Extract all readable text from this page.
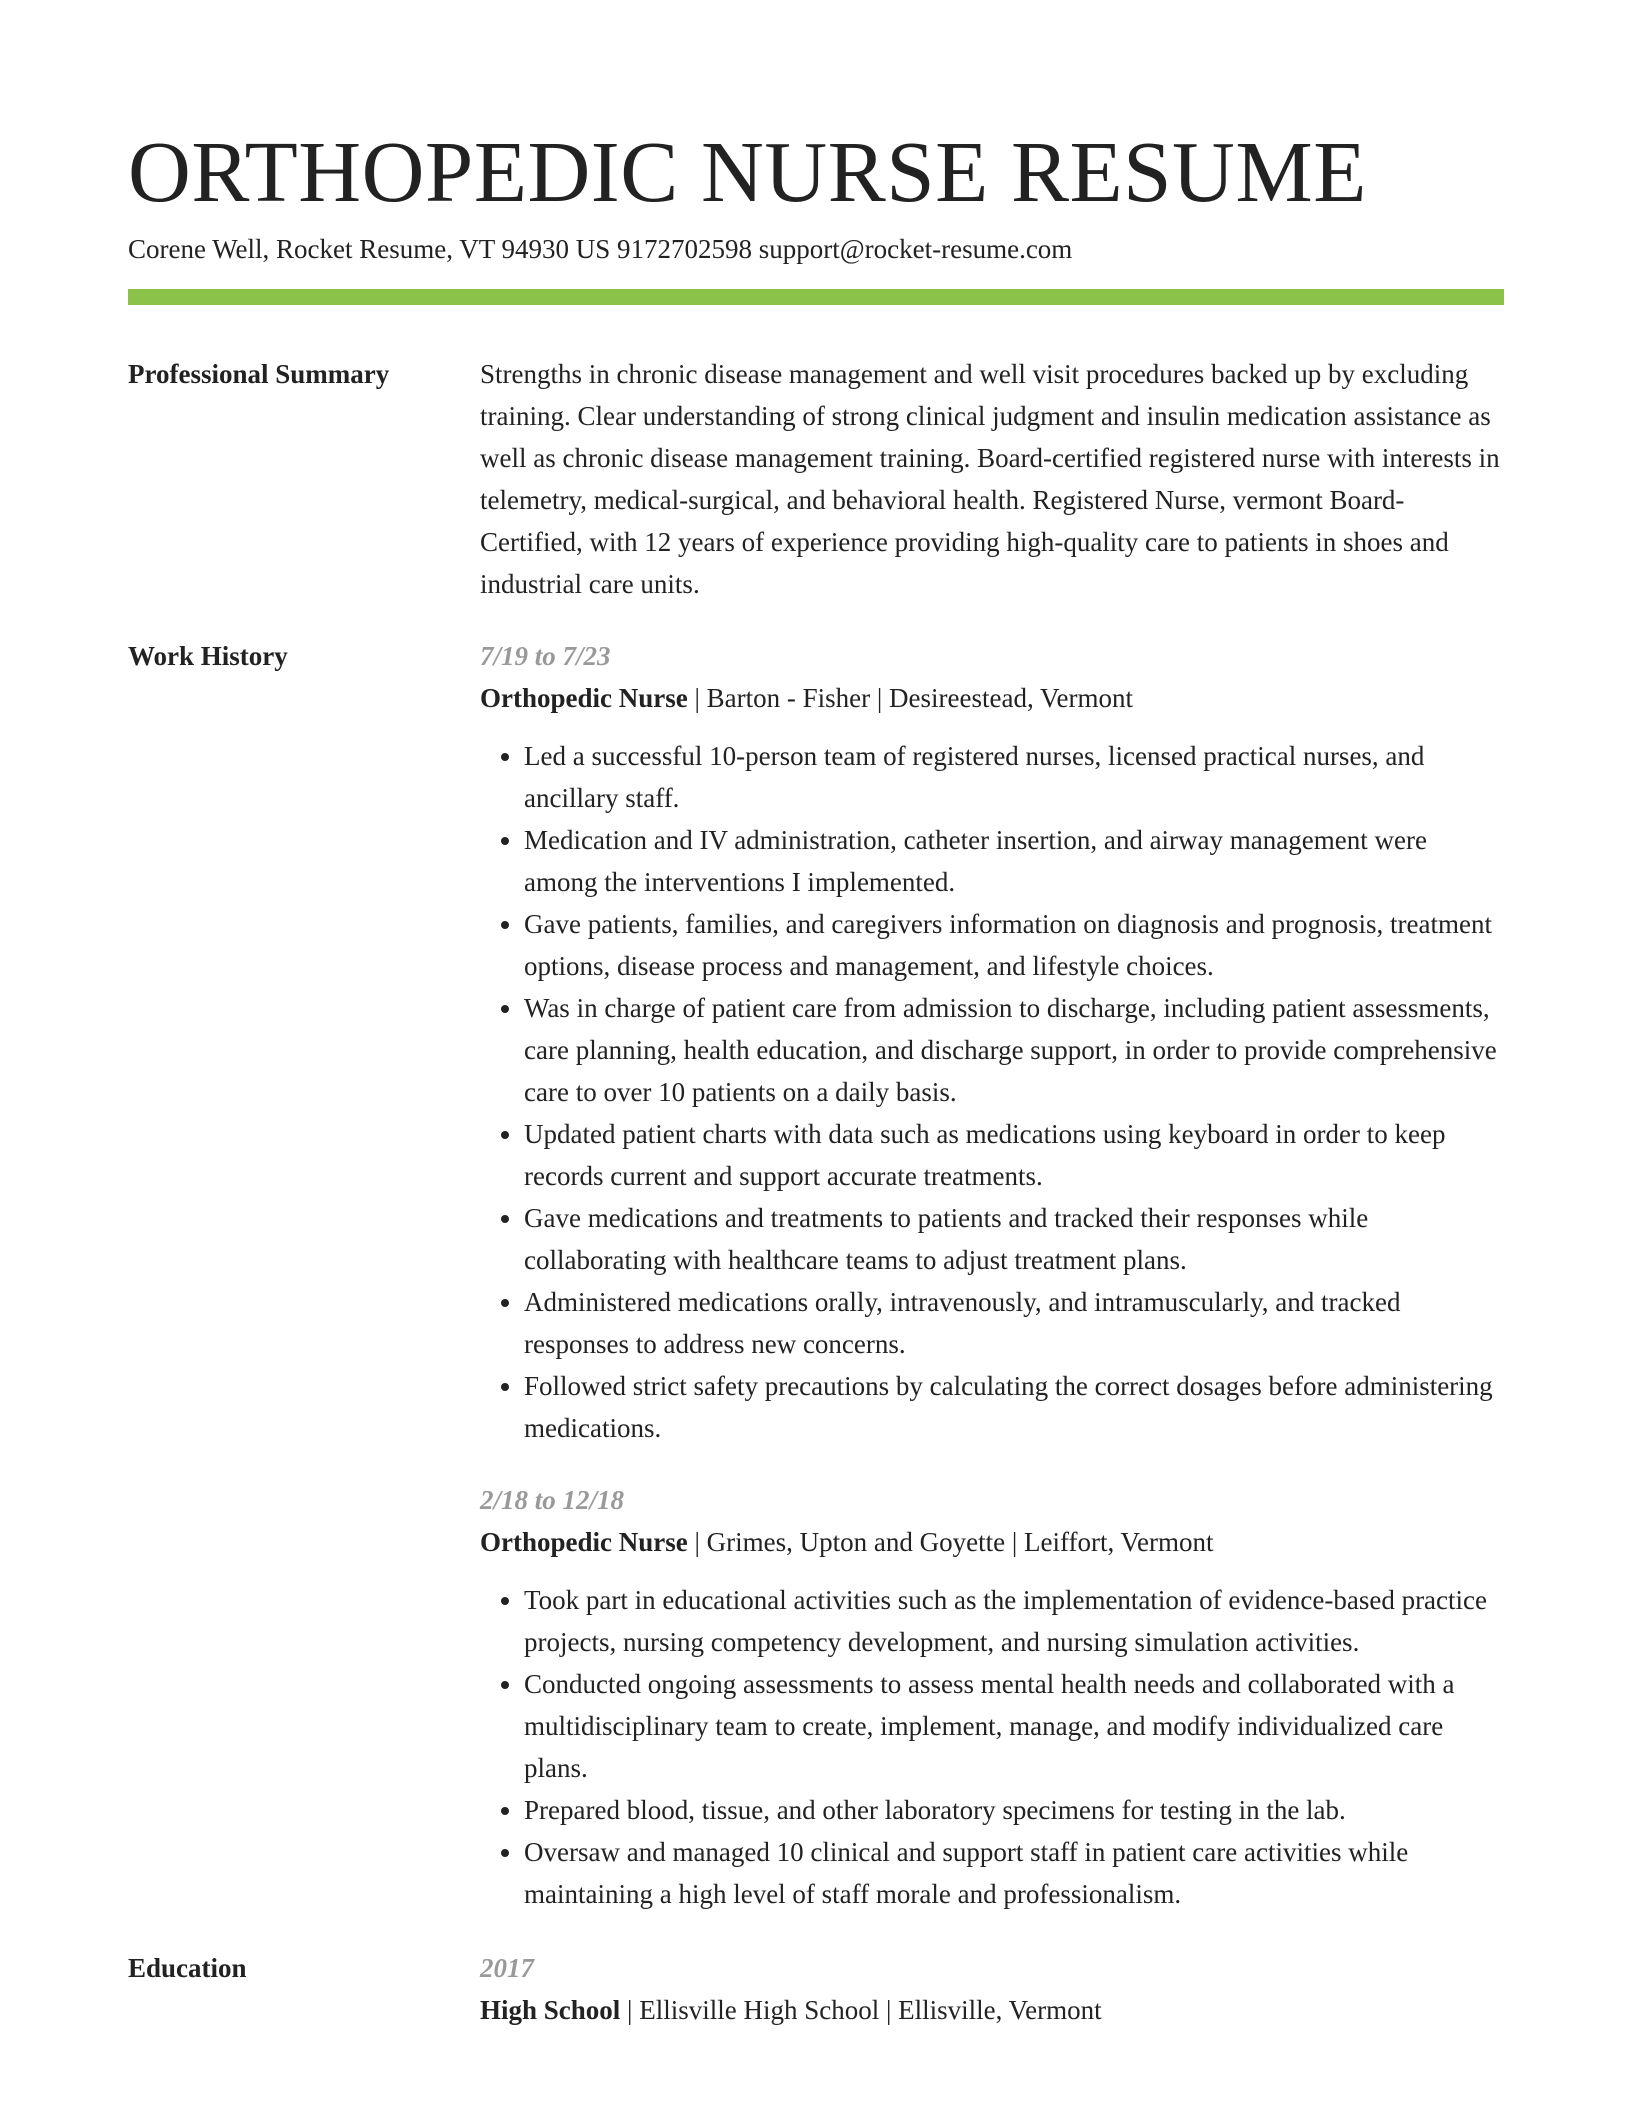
ORTHOPEDIC NURSE RESUME
Corene Well, Rocket Resume, VT 94930 US 9172702598 support@rocket-resume.com
Professional Summary	Strengths in chronic disease management and well visit procedures backed up by excluding training. Clear understanding of strong clinical judgment and insulin medication assistance as well as chronic disease management training. Board-certified registered nurse with interests in telemetry, medical-surgical, and behavioral health. Registered Nurse, vermont Board-Certified, with 12 years of experience providing high-quality care to patients in shoes and industrial care units.
Work History	7/19 to 7/23
Orthopedic Nurse | Barton - Fisher | Desireestead, Vermont
• Led a successful 10-person team of registered nurses, licensed practical nurses, and ancillary staff.
• Medication and IV administration, catheter insertion, and airway management were among the interventions I implemented.
• Gave patients, families, and caregivers information on diagnosis and prognosis, treatment options, disease process and management, and lifestyle choices.
• Was in charge of patient care from admission to discharge, including patient assessments, care planning, health education, and discharge support, in order to provide comprehensive care to over 10 patients on a daily basis.
• Updated patient charts with data such as medications using keyboard in order to keep records current and support accurate treatments.
• Gave medications and treatments to patients and tracked their responses while collaborating with healthcare teams to adjust treatment plans.
• Administered medications orally, intravenously, and intramuscularly, and tracked responses to address new concerns.
• Followed strict safety precautions by calculating the correct dosages before administering medications.
2/18 to 12/18
Orthopedic Nurse | Grimes, Upton and Goyette | Leiffort, Vermont
• Took part in educational activities such as the implementation of evidence-based practice projects, nursing competency development, and nursing simulation activities.
• Conducted ongoing assessments to assess mental health needs and collaborated with a multidisciplinary team to create, implement, manage, and modify individualized care plans.
• Prepared blood, tissue, and other laboratory specimens for testing in the lab.
• Oversaw and managed 10 clinical and support staff in patient care activities while maintaining a high level of staff morale and professionalism.
Education	2017
High School | Ellisville High School | Ellisville, Vermont
